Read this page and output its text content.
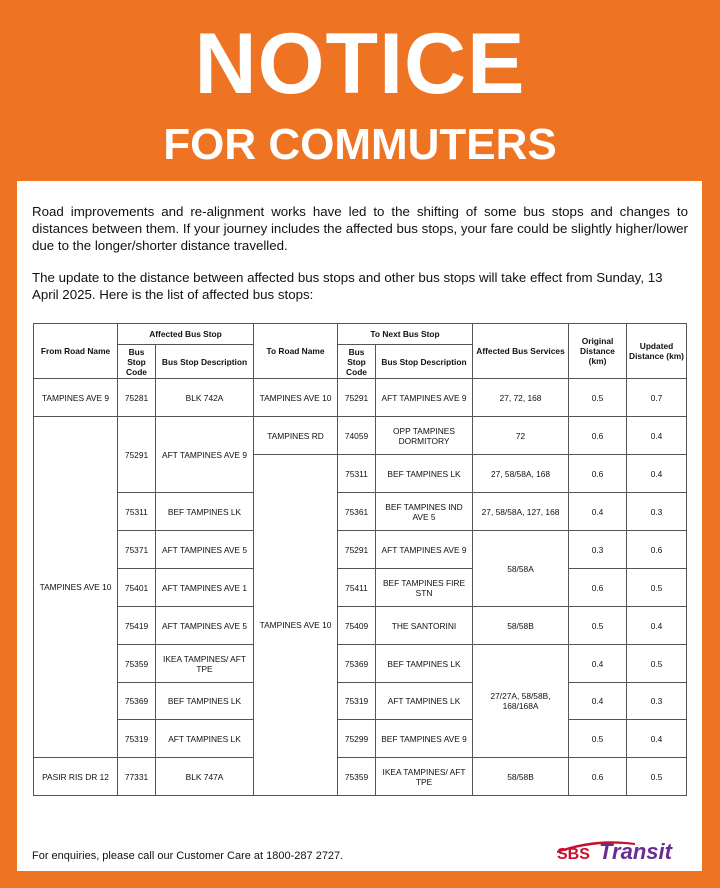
NOTICE
FOR COMMUTERS

Road improvements and re-alignment works have led to the shifting of some bus stops and changes to distances between them. If your journey includes the affected bus stops, your fare could be slightly higher/lower due to the longer/shorter distance travelled.

The update to the distance between affected bus stops and other bus stops will take effect from Sunday, 13 April 2025. Here is the list of affected bus stops:

From Road Name	Affected Bus Stop		To Road Name	To Next Bus Stop		Affected Bus Services	Original Distance (km)	Updated Distance (km)
	Bus Stop Code	Bus Stop Description		Bus Stop Code	Bus Stop Description			
TAMPINES AVE 9	75281	BLK 742A	TAMPINES AVE 10	75291	AFT TAMPINES AVE 9	27, 72, 168	0.5	0.7
TAMPINES AVE 10	75291	AFT TAMPINES AVE 9	TAMPINES RD	74059	OPP TAMPINES DORMITORY	72	0.6	0.4
			TAMPINES AVE 10	75311	BEF TAMPINES LK	27, 58/58A, 168	0.6	0.4
	75311	BEF TAMPINES LK		75361	BEF TAMPINES IND AVE 5	27, 58/58A, 127, 168	0.4	0.3
	75371	AFT TAMPINES AVE 5		75291	AFT TAMPINES AVE 9	58/58A	0.3	0.6
	75401	AFT TAMPINES AVE 1		75411	BEF TAMPINES FIRE STN		0.6	0.5
	75419	AFT TAMPINES AVE 5		75409	THE SANTORINI	58/58B	0.5	0.4
	75359	IKEA TAMPINES/ AFT TPE		75369	BEF TAMPINES LK	27/27A, 58/58B, 168/168A	0.4	0.5
	75369	BEF TAMPINES LK		75319	AFT TAMPINES LK		0.4	0.3
	75319	AFT TAMPINES LK		75299	BEF TAMPINES AVE 9		0.5	0.4
PASIR RIS DR 12	77331	BLK 747A		75359	IKEA TAMPINES/ AFT TPE	58/58B	0.6	0.5
For enquiries, please call our Customer Care at 1800-287 2727.	SBS Transit
